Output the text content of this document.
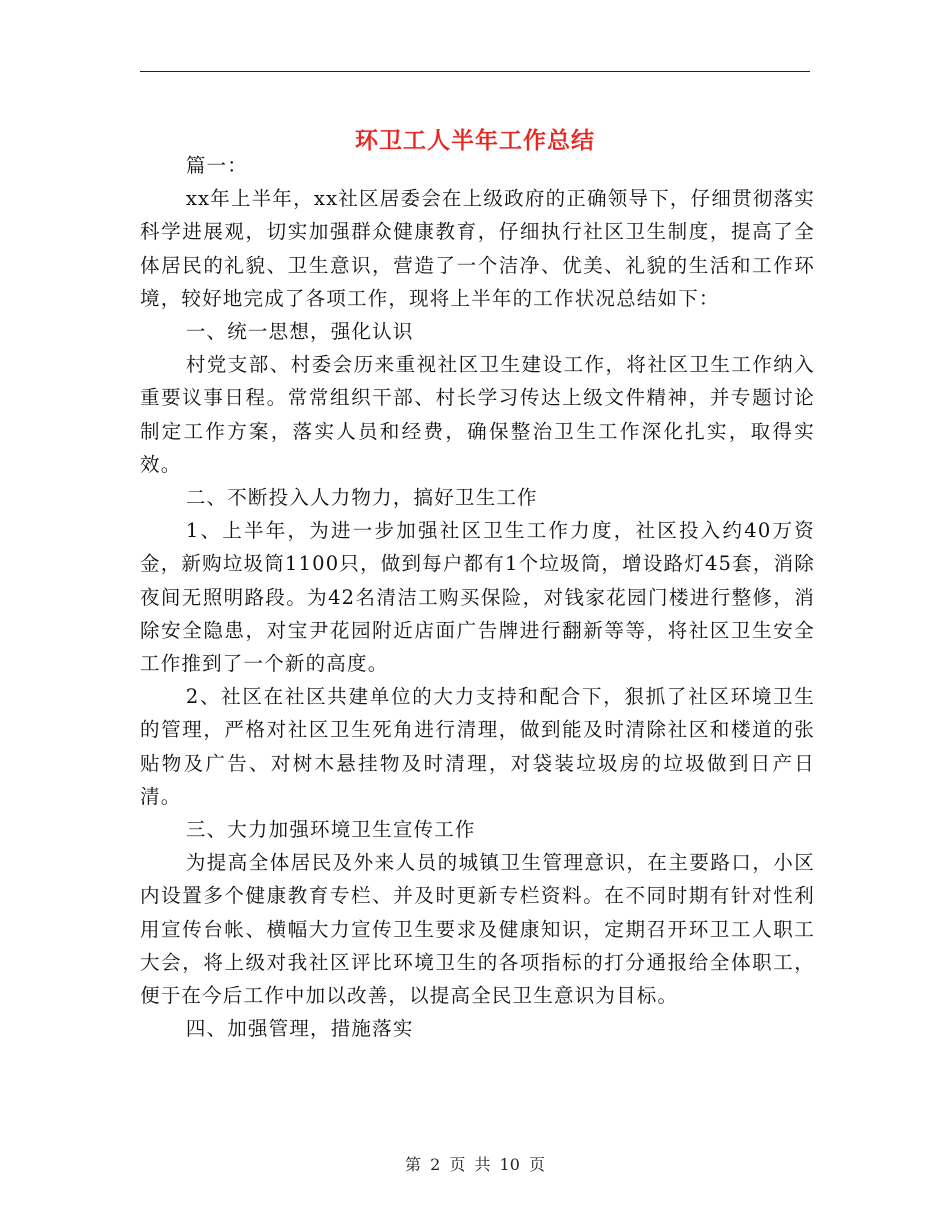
环卫工人半年工作总结

篇一：

xx年上半年，xx社区居委会在上级政府的正确领导下，仔细贯彻落实科学进展观，切实加强群众健康教育，仔细执行社区卫生制度，提高了全体居民的礼貌、卫生意识，营造了一个洁净、优美、礼貌的生活和工作环境，较好地完成了各项工作，现将上半年的工作状况总结如下：

一、统一思想，强化认识

村党支部、村委会历来重视社区卫生建设工作，将社区卫生工作纳入重要议事日程。常常组织干部、村长学习传达上级文件精神，并专题讨论制定工作方案，落实人员和经费，确保整治卫生工作深化扎实，取得实效。

二、不断投入人力物力，搞好卫生工作

1、上半年，为进一步加强社区卫生工作力度，社区投入约40万资金，新购垃圾筒1100只，做到每户都有1个垃圾筒，增设路灯45套，消除夜间无照明路段。为42名清洁工购买保险，对钱家花园门楼进行整修，消除安全隐患，对宝尹花园附近店面广告牌进行翻新等等，将社区卫生安全工作推到了一个新的高度。

2、社区在社区共建单位的大力支持和配合下，狠抓了社区环境卫生的管理，严格对社区卫生死角进行清理，做到能及时清除社区和楼道的张贴物及广告、对树木悬挂物及时清理，对袋装垃圾房的垃圾做到日产日清。

三、大力加强环境卫生宣传工作

为提高全体居民及外来人员的城镇卫生管理意识，在主要路口，小区内设置多个健康教育专栏、并及时更新专栏资料。在不同时期有针对性利用宣传台帐、横幅大力宣传卫生要求及健康知识，定期召开环卫工人职工大会，将上级对我社区评比环境卫生的各项指标的打分通报给全体职工，便于在今后工作中加以改善，以提高全民卫生意识为目标。

四、加强管理，措施落实

第 2 页 共 10 页
